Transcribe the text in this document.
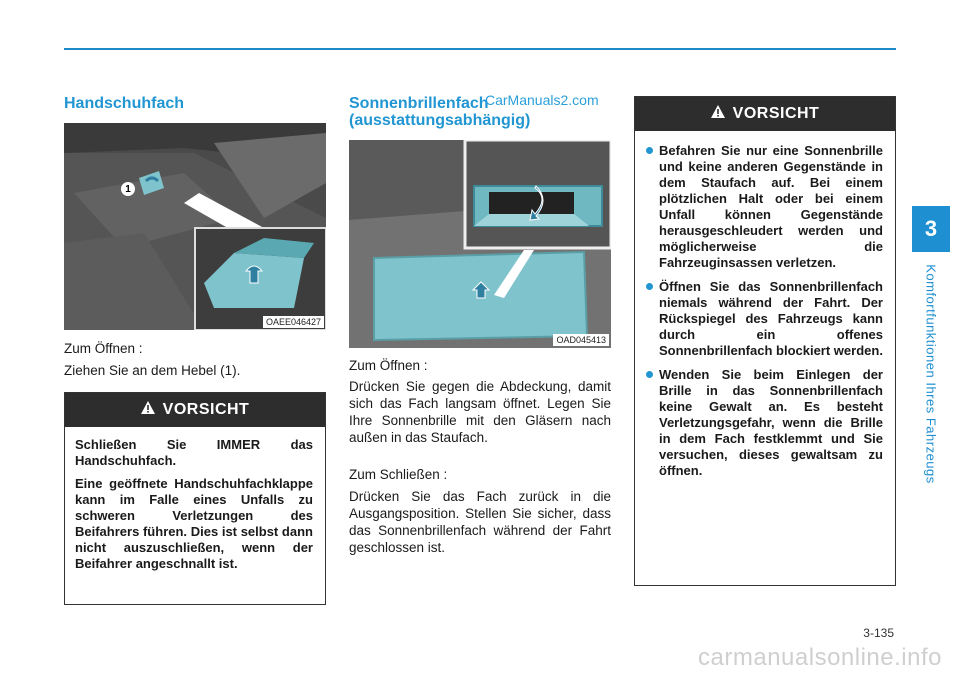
3
Komfortfunktionen Ihres Fahrzeugs
Handschuhfach
1
OAEE046427

Zum Öffnen :

Ziehen Sie an dem Hebel (1).

VORSICHT

Schließen Sie IMMER das Handschuhfach.

Eine geöffnete Handschuhfachklappe kann im Falle eines Unfalls zu schweren Verletzungen des Beifahrers führen. Dies ist selbst dann nicht auszuschließen, wenn der Beifahrer angeschnallt ist.

Sonnenbrillenfach
(ausstattungsabhängig)
CarManuals2.com
OAD045413

Zum Öffnen :

Drücken Sie gegen die Abdeckung, damit sich das Fach langsam öffnet. Legen Sie Ihre Sonnenbrille mit den Gläsern nach außen in das Staufach.

Zum Schließen :

Drücken Sie das Fach zurück in die Ausgangsposition. Stellen Sie sicher, dass das Sonnenbrillenfach während der Fahrt geschlossen ist.

VORSICHT
Befahren Sie nur eine Sonnenbrille und keine anderen Gegenstände in dem Staufach auf. Bei einem plötzlichen Halt oder bei einem Unfall können Gegenstände herausgeschleudert werden und möglicherweise die Fahrzeuginsassen verletzen.
Öffnen Sie das Sonnenbrillenfach niemals während der Fahrt. Der Rückspiegel des Fahrzeugs kann durch ein offenes Sonnenbrillenfach blockiert werden.
Wenden Sie beim Einlegen der Brille in das Sonnenbrillenfach keine Gewalt an. Es besteht Verletzungsgefahr, wenn die Brille in dem Fach festklemmt und Sie versuchen, dieses gewaltsam zu öffnen.
3-135
carmanualsonline.info
